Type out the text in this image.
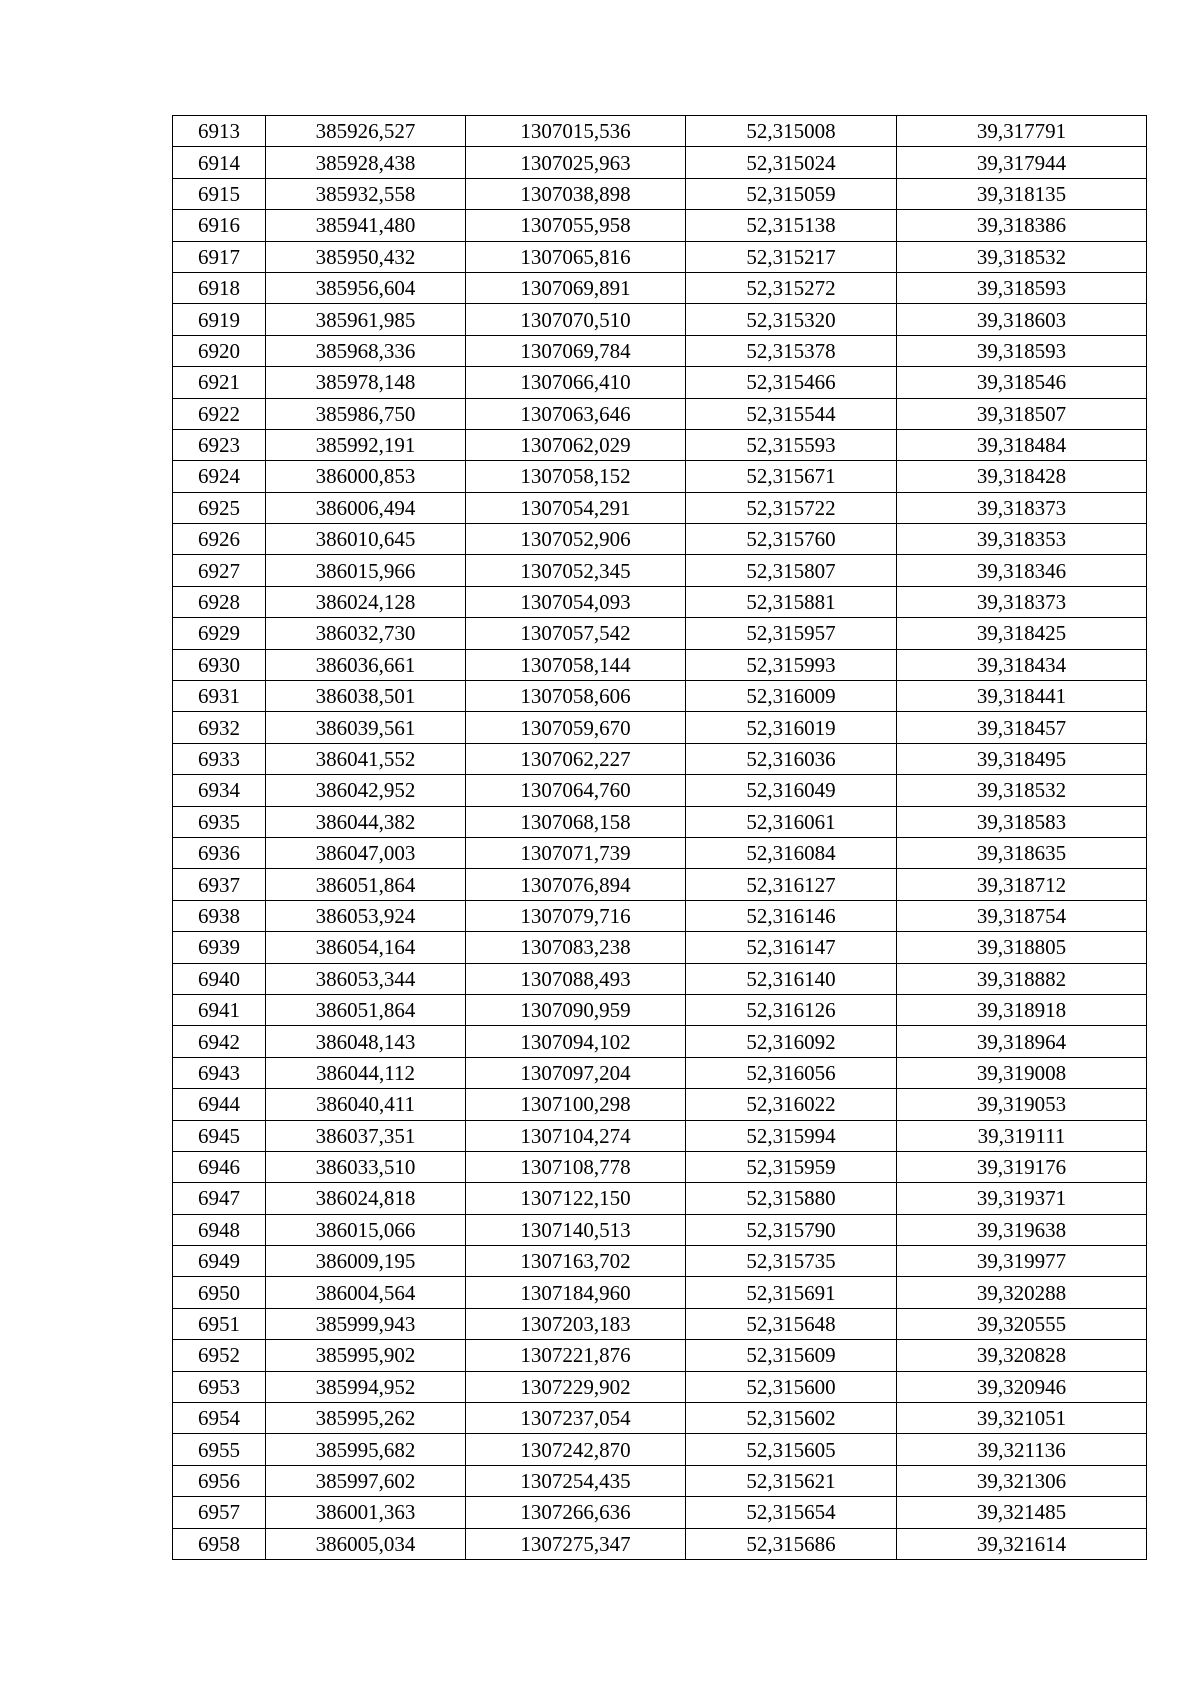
6913	385926,527	1307015,536	52,315008	39,317791
6914	385928,438	1307025,963	52,315024	39,317944
6915	385932,558	1307038,898	52,315059	39,318135
6916	385941,480	1307055,958	52,315138	39,318386
6917	385950,432	1307065,816	52,315217	39,318532
6918	385956,604	1307069,891	52,315272	39,318593
6919	385961,985	1307070,510	52,315320	39,318603
6920	385968,336	1307069,784	52,315378	39,318593
6921	385978,148	1307066,410	52,315466	39,318546
6922	385986,750	1307063,646	52,315544	39,318507
6923	385992,191	1307062,029	52,315593	39,318484
6924	386000,853	1307058,152	52,315671	39,318428
6925	386006,494	1307054,291	52,315722	39,318373
6926	386010,645	1307052,906	52,315760	39,318353
6927	386015,966	1307052,345	52,315807	39,318346
6928	386024,128	1307054,093	52,315881	39,318373
6929	386032,730	1307057,542	52,315957	39,318425
6930	386036,661	1307058,144	52,315993	39,318434
6931	386038,501	1307058,606	52,316009	39,318441
6932	386039,561	1307059,670	52,316019	39,318457
6933	386041,552	1307062,227	52,316036	39,318495
6934	386042,952	1307064,760	52,316049	39,318532
6935	386044,382	1307068,158	52,316061	39,318583
6936	386047,003	1307071,739	52,316084	39,318635
6937	386051,864	1307076,894	52,316127	39,318712
6938	386053,924	1307079,716	52,316146	39,318754
6939	386054,164	1307083,238	52,316147	39,318805
6940	386053,344	1307088,493	52,316140	39,318882
6941	386051,864	1307090,959	52,316126	39,318918
6942	386048,143	1307094,102	52,316092	39,318964
6943	386044,112	1307097,204	52,316056	39,319008
6944	386040,411	1307100,298	52,316022	39,319053
6945	386037,351	1307104,274	52,315994	39,319111
6946	386033,510	1307108,778	52,315959	39,319176
6947	386024,818	1307122,150	52,315880	39,319371
6948	386015,066	1307140,513	52,315790	39,319638
6949	386009,195	1307163,702	52,315735	39,319977
6950	386004,564	1307184,960	52,315691	39,320288
6951	385999,943	1307203,183	52,315648	39,320555
6952	385995,902	1307221,876	52,315609	39,320828
6953	385994,952	1307229,902	52,315600	39,320946
6954	385995,262	1307237,054	52,315602	39,321051
6955	385995,682	1307242,870	52,315605	39,321136
6956	385997,602	1307254,435	52,315621	39,321306
6957	386001,363	1307266,636	52,315654	39,321485
6958	386005,034	1307275,347	52,315686	39,321614
